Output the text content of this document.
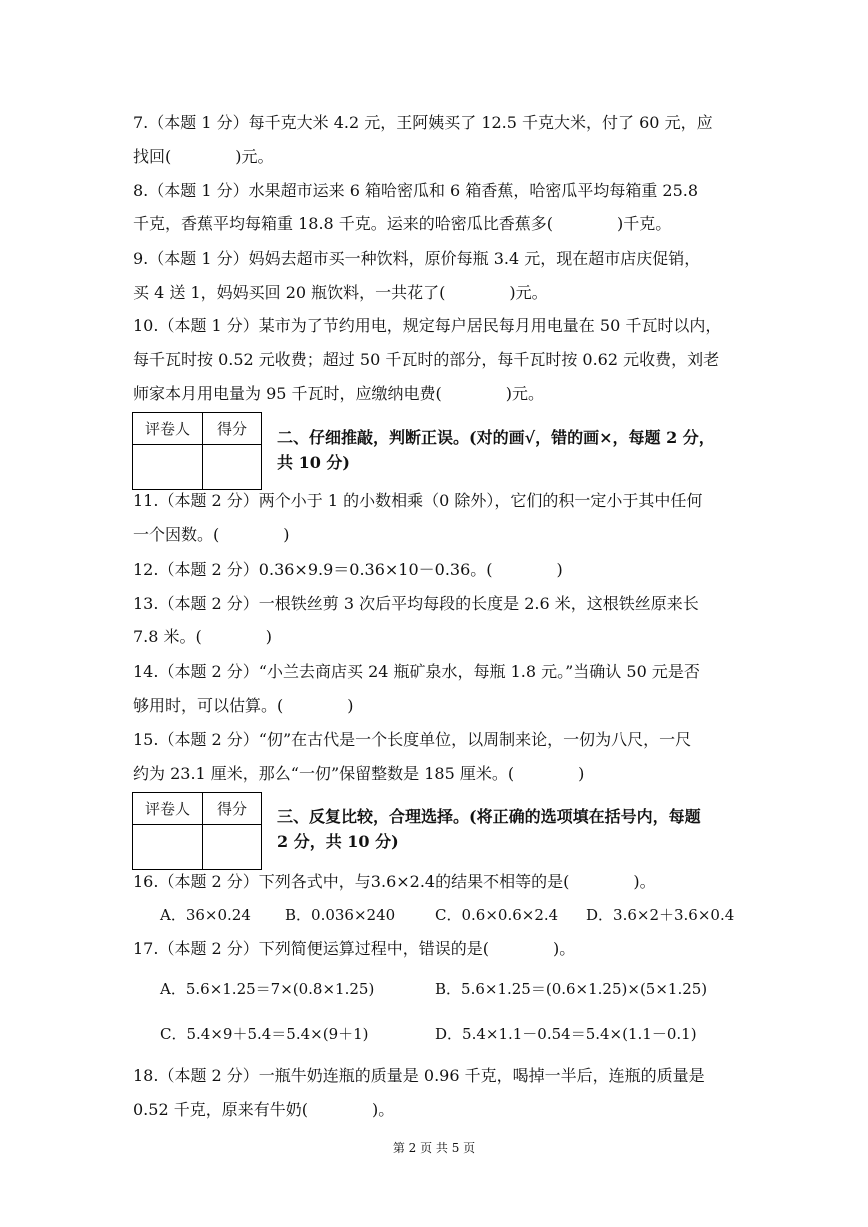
7.（本题 1 分）每千克大米 4.2 元，王阿姨买了 12.5 千克大米，付了 60 元，应
找回(　　　　)元。
8.（本题 1 分）水果超市运来 6 箱哈密瓜和 6 箱香蕉，哈密瓜平均每箱重 25.8
千克，香蕉平均每箱重 18.8 千克。运来的哈密瓜比香蕉多(　　　　)千克。
9.（本题 1 分）妈妈去超市买一种饮料，原价每瓶 3.4 元，现在超市店庆促销，
买 4 送 1，妈妈买回 20 瓶饮料，一共花了(　　　　)元。
10.（本题 1 分）某市为了节约用电，规定每户居民每月用电量在 50 千瓦时以内，
每千瓦时按 0.52 元收费；超过 50 千瓦时的部分，每千瓦时按 0.62 元收费，刘老
师家本月用电量为 95 千瓦时，应缴纳电费(　　　　)元。
评卷人	得分	二、仔细推敲，判断正误。(对的画√，错的画×，每题 2 分，
共 10 分)
11.（本题 2 分）两个小于 1 的小数相乘（0 除外），它们的积一定小于其中任何
一个因数。(　　　　)
12.（本题 2 分）0.36×9.9＝0.36×10－0.36。(　　　　)
13.（本题 2 分）一根铁丝剪 3 次后平均每段的长度是 2.6 米，这根铁丝原来长
7.8 米。(　　　　)
14.（本题 2 分）“小兰去商店买 24 瓶矿泉水，每瓶 1.8 元。”当确认 50 元是否
够用时，可以估算。(　　　　)
15.（本题 2 分）“仞”在古代是一个长度单位，以周制来论，一仞为八尺，一尺
约为 23.1 厘米，那么“一仞”保留整数是 185 厘米。(　　　　)
评卷人	得分	三、反复比较，合理选择。(将正确的选项填在括号内，每题
2 分，共 10 分)
16.（本题 2 分）下列各式中，与3.6×2.4的结果不相等的是(　　　　)。
A．36×0.24 B．0.036×240	C．0.6×0.6×2.4 D．3.6×2＋3.6×0.4
17.（本题 2 分）下列简便运算过程中，错误的是(　　　　)。
A．5.6×1.25＝7×(0.8×1.25)	B．5.6×1.25＝(0.6×1.25)×(5×1.25)
C．5.4×9＋5.4＝5.4×(9＋1)	D．5.4×1.1－0.54＝5.4×(1.1－0.1)
18.（本题 2 分）一瓶牛奶连瓶的质量是 0.96 千克，喝掉一半后，连瓶的质量是
0.52 千克，原来有牛奶(　　　　)。
第 2 页 共 5 页
